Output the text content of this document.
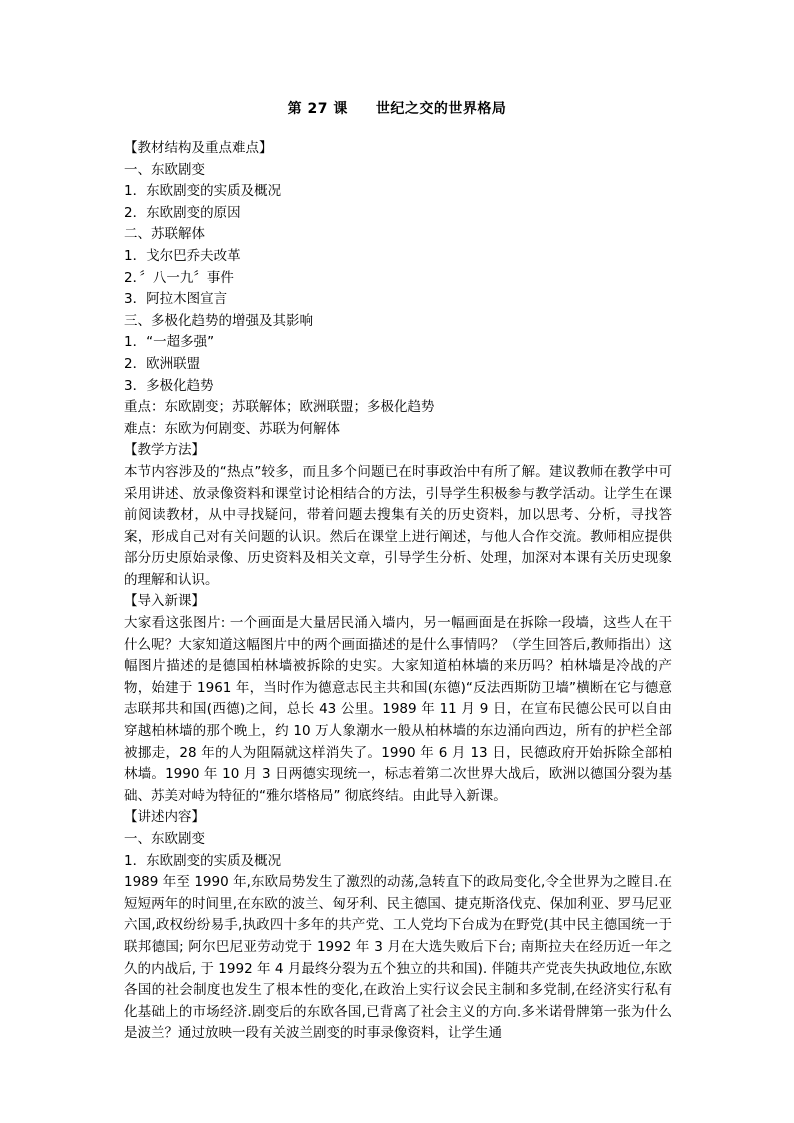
第 27 课 世纪之交的世界格局
【教材结构及重点难点】
一、东欧剧变
1．东欧剧变的实质及概况
2．东欧剧变的原因
二、苏联解体
1．戈尔巴乔夫改革
2．〞八一九〞事件
3．阿拉木图宣言
三、多极化趋势的增强及其影响
1．“一超多强”
2．欧洲联盟
3．多极化趋势
重点：东欧剧变；苏联解体；欧洲联盟；多极化趋势
难点：东欧为何剧变、苏联为何解体
【教学方法】

本节内容涉及的“热点”较多，而且多个问题已在时事政治中有所了解。建议教师在教学中可采用讲述、放录像资料和课堂讨论相结合的方法，引导学生积极参与教学活动。让学生在课前阅读教材，从中寻找疑问，带着问题去搜集有关的历史资料，加以思考、分析，寻找答案，形成自己对有关问题的认识。然后在课堂上进行阐述，与他人合作交流。教师相应提供部分历史原始录像、历史资料及相关文章，引导学生分析、处理，加深对本课有关历史现象的理解和认识。

【导入新课】

大家看这张图片: 一个画面是大量居民涌入墙内，另一幅画面是在拆除一段墙，这些人在干什么呢？大家知道这幅图片中的两个画面描述的是什么事情吗？（学生回答后,教师指出）这幅图片描述的是德国柏林墙被拆除的史实。大家知道柏林墙的来历吗？柏林墙是冷战的产物，始建于 1961 年，当时作为德意志民主共和国(东德)“反法西斯防卫墙”横断在它与德意志联邦共和国(西德)之间，总长 43 公里。1989 年 11 月 9 日，在宣布民德公民可以自由穿越柏林墙的那个晚上，约 10 万人象潮水一般从柏林墙的东边涌向西边，所有的护栏全部被挪走，28 年的人为阻隔就这样消失了。1990 年 6 月 13 日，民德政府开始拆除全部柏林墙。1990 年 10 月 3 日两德实现统一，标志着第二次世界大战后，欧洲以德国分裂为基础、苏美对峙为特征的“雅尔塔格局” 彻底终结。由此导入新课。

【讲述内容】
一、东欧剧变
1．东欧剧变的实质及概况

1989 年至 1990 年,东欧局势发生了激烈的动荡,急转直下的政局变化,令全世界为之瞠目.在短短两年的时间里,在东欧的波兰、匈牙利、民主德国、捷克斯洛伐克、保加利亚、罗马尼亚六国,政权纷纷易手,执政四十多年的共产党、工人党均下台成为在野党(其中民主德国统一于联邦德国; 阿尔巴尼亚劳动党于 1992 年 3 月在大选失败后下台; 南斯拉夫在经历近一年之久的内战后, 于 1992 年 4 月最终分裂为五个独立的共和国). 伴随共产党丧失执政地位,东欧各国的社会制度也发生了根本性的变化,在政治上实行议会民主制和多党制,在经济实行私有化基础上的市场经济.剧变后的东欧各国,已背离了社会主义的方向.多米诺骨牌第一张为什么是波兰？通过放映一段有关波兰剧变的时事录像资料，让学生通
